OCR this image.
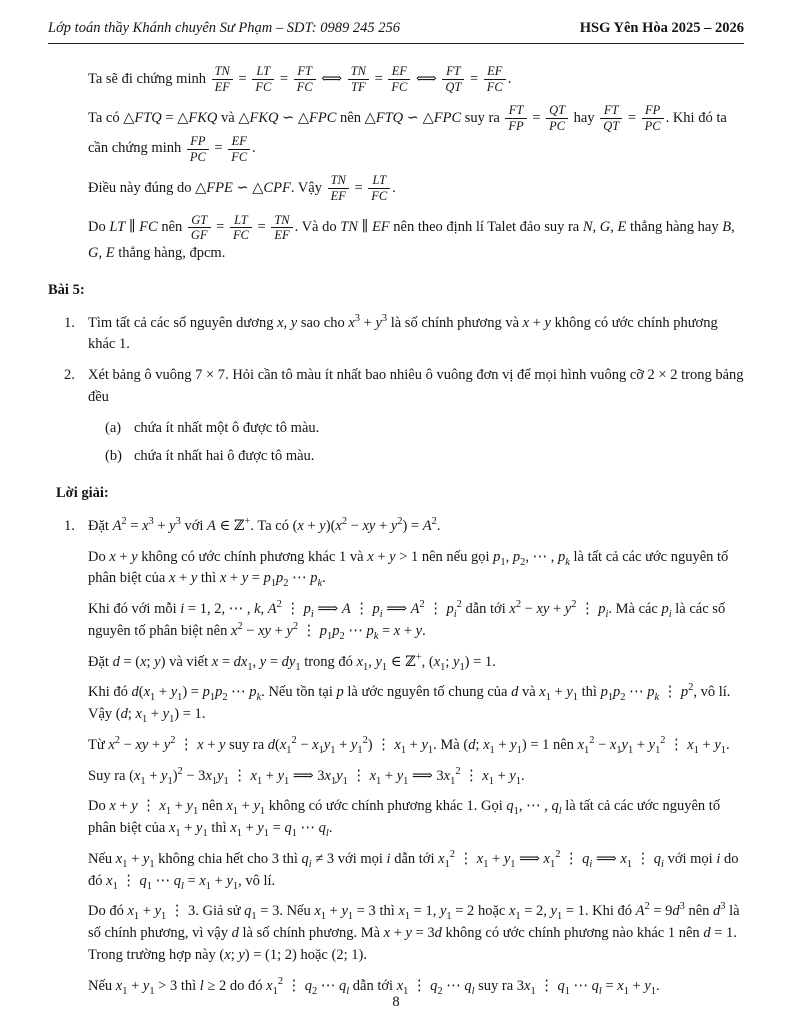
Lớp toán thầy Khánh chuyên Sư Phạm – SDT: 0989 245 256	HSG Yên Hòa 2025 – 2026
Ta sẽ đi chứng minh $\frac{TN}{EF} = \frac{LT}{FC} = \frac{FT}{FC}$ ⟺ $\frac{TN}{TF} = \frac{EF}{FC}$ ⟺ $\frac{FT}{QT} = \frac{EF}{FC}$ .
Ta có △FTQ = △FKQ và △FKQ ∽ △FPC nên △FTQ ∽ △FPC suy ra $\frac{FT}{FP} = \frac{QT}{PC}$ hay $\frac{FT}{QT} = \frac{FP}{PC}$ . Khi đó ta cần chứng minh $\frac{FP}{PC} = \frac{EF}{FC}$ .
Điều này đúng do △FPE ∽ △CPF. Vậy $\frac{TN}{EF} = \frac{LT}{FC}$ .
Do LT ∥ FC nên $\frac{GT}{GF} = \frac{LT}{FC} = \frac{TN}{EF}$ . Và do TN ∥ EF nên theo định lí Talet đảo suy ra N, G, E thẳng hàng hay B, G, E thẳng hàng, đpcm.
Bài 5:
1. Tìm tất cả các số nguyên dương x, y sao cho $x^3 + y^3$ là số chính phương và x + y không có ước chính phương khác 1.
2. Xét bảng ô vuông 7 × 7. Hỏi cần tô màu ít nhất bao nhiêu ô vuông đơn vị để mọi hình vuông cỡ 2 × 2 trong bảng đều
(a) chứa ít nhất một ô được tô màu.
(b) chứa ít nhất hai ô được tô màu.
Lời giải:
1. Đặt $A^2 = x^3 + y^3$ với A ∈ ℤ+. Ta có $(x + y)(x^2$ − xy + $y^2) = A^2$.
Do x + y không có ước chính phương khác 1 và x + y > 1 nên nếu gọi $p_1$, $p_2$, ⋯ , $p_k$ là tất cả các ước nguyên tố phân biệt của x + y thì $x + y = p_1p_2$ ⋯ $p_k$.
Khi đó với mỗi i = 1, 2, ⋯ , k, $A^2$ ⋮ $p_i$ ⟹ A ⋮ $p_i$ ⟹ $A^2$ ⋮ $p_i^2$ dẫn tới $x^2$ − xy + $y^2$ ⋮ $p_i$. Mà các $p_i$ là các số nguyên tố phân biệt nên $x^2$ − xy + $y^2$ ⋮ $p_1p_2$ ⋯ $p_k = x + y$.
Đặt d = (x; y) và viết $x = dx_1$, $y = dy_1$ trong đó $x_1$, $y_1$ ∈ ℤ+, ($x_1$; $y_1) = 1$.
Khi đó $d(x_1 + y_1) = p_1p_2$ ⋯ $p_k$. Nếu tồn tại p là ước nguyên tố chung của d và $x_1 + y_1$ thì $p_1p_2$ ⋯ $p_k$ ⋮ $p^2$, vô lí. Vậy (d; $x_1 + y_1) = 1$.
Từ $x^2$ − xy + $y^2$ ⋮ x + y suy ra $d(x_1^2 - x_1y_1 + y_1^2)$ ⋮ $x_1 + y_1$. Mà (d; $x_1 + y_1) = 1$ nên $x_1^2 - x_1y_1 + y_1^2$ ⋮ $x_1 + y_1$.
Suy ra $(x_1 + y_1)^2 - 3x_1y_1$ ⋮ $x_1 + y_1$ ⟹ $3x_1y_1$ ⋮ $x_1 + y_1$ ⟹ $3x_1^2$ ⋮ $x_1 + y_1$.
Do x + y ⋮ $x_1 + y_1$ nên $x_1 + y_1$ không có ước chính phương khác 1. Gọi $q_1$, ⋯ , $q_l$ là tất cả các ước nguyên tố phân biệt của $x_1 + y_1$ thì $x_1 + y_1 = q_1$ ⋯ $q_l$.
Nếu $x_1 + y_1$ không chia hết cho 3 thì $q_i \ne 3$ với mọi i dẫn tới $x_1^2$ ⋮ $x_1 + y_1$ ⟹ $x_1^2$ ⋮ $q_i$ ⟹ $x_1$ ⋮ $q_i$ với mọi i do đó $x_1$ ⋮ $q_1$ ⋯ $q_l = x_1 + y_1$, vô lí.
Do đó $x_1 + y_1$ ⋮ 3. Giả sử $q_1 = 3$. Nếu $x_1 + y_1 = 3$ thì $x_1 = 1$, $y_1 = 2$ hoặc $x_1 = 2$, $y_1 = 1$. Khi đó $A^2 = 9d^3$ nên $d^3$ là số chính phương, vì vậy d là số chính phương. Mà x + y = 3d không có ước chính phương nào khác 1 nên d = 1. Trong trường hợp này (x; y) = (1; 2) hoặc (2; 1).
Nếu $x_1 + y_1 > 3$ thì l ≥ 2 do đó $x_1^2$ ⋮ $q_2$ ⋯ $q_l$ dẫn tới $x_1$ ⋮ $q_2$ ⋯ $q_l$ suy ra $3x_1$ ⋮ $q_1$ ⋯ $q_l = x_1 + y_1$.
8
